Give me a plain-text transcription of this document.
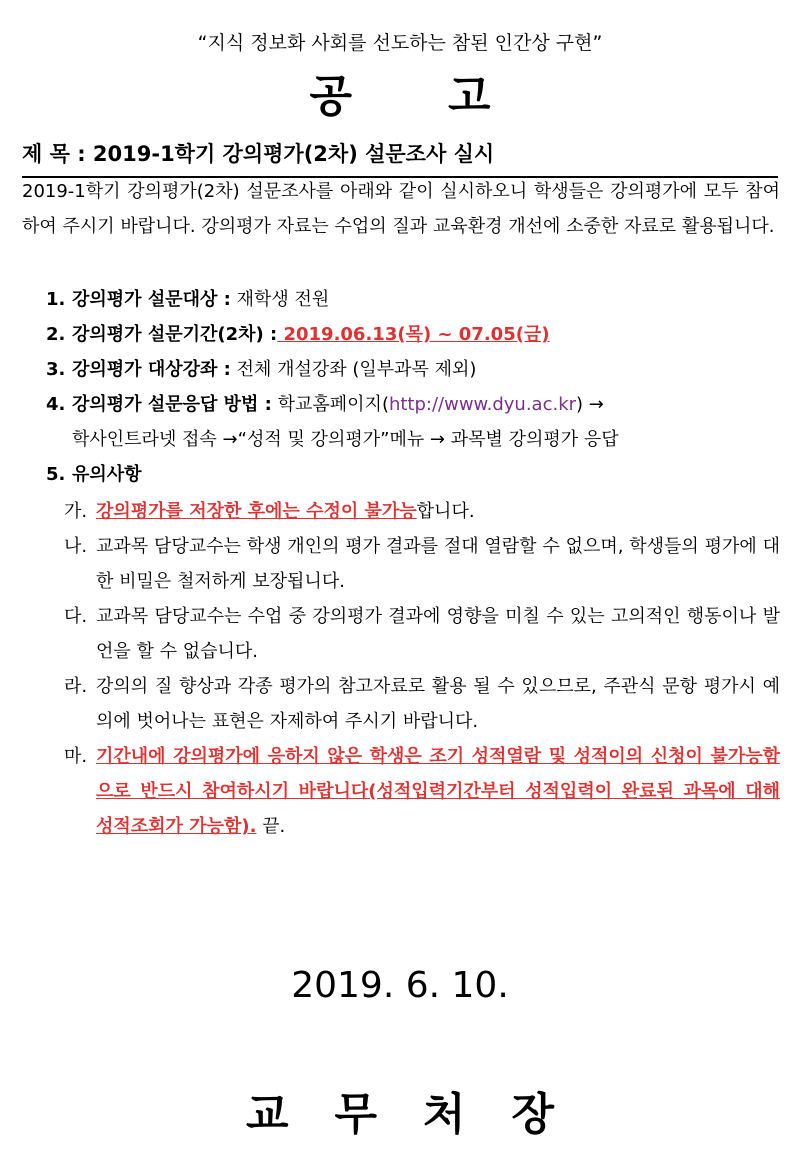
“지식 정보화 사회를 선도하는 참된 인간상 구현”
공 고
제 목 : 2019-1학기 강의평가(2차) 설문조사 실시
2019-1학기 강의평가(2차) 설문조사를 아래와 같이 실시하오니 학생들은 강의평가에 모두 참여하여 주시기 바랍니다. 강의평가 자료는 수업의 질과 교육환경 개선에 소중한 자료로 활용됩니다.
1. 강의평가 설문대상 : 재학생 전원
2. 강의평가 설문기간(2차) : 2019.06.13(목) ~ 07.05(금)
3. 강의평가 대상강좌 : 전체 개설강좌 (일부과목 제외)
4. 강의평가 설문응답 방법 : 학교홈페이지(http://www.dyu.ac.kr) →
학사인트라넷 접속 →“성적 및 강의평가”메뉴 → 과목별 강의평가 응답
5. 유의사항
가. 강의평가를 저장한 후에는 수정이 불가능합니다.
나. 교과목 담당교수는 학생 개인의 평가 결과를 절대 열람할 수 없으며, 학생들의 평가에 대한 비밀은 철저하게 보장됩니다.
다. 교과목 담당교수는 수업 중 강의평가 결과에 영향을 미칠 수 있는 고의적인 행동이나 발언을 할 수 없습니다.
라. 강의의 질 향상과 각종 평가의 참고자료로 활용 될 수 있으므로, 주관식 문항 평가시 예의에 벗어나는 표현은 자제하여 주시기 바랍니다.
마. 기간내에 강의평가에 응하지 않은 학생은 조기 성적열람 및 성적이의 신청이 불가능함으로 반드시 참여하시기 바랍니다(성적입력기간부터 성적입력이 완료된 과목에 대해 성적조회가 가능함). 끝.
2019. 6. 10.
교무처장
